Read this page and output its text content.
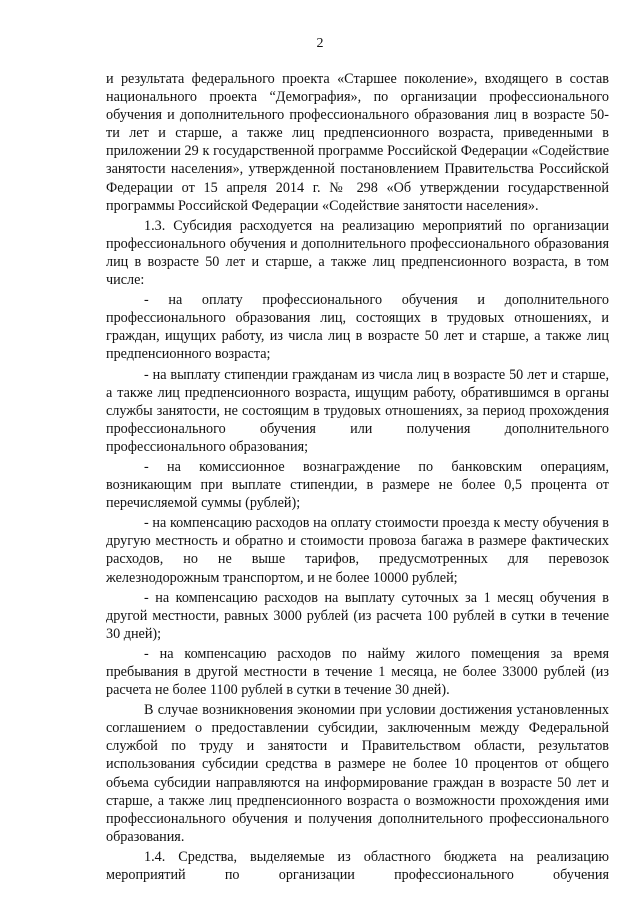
2

и результата федерального проекта «Старшее поколение», входящего в состав национального проекта “Демография», по организации профессионального обучения и дополнительного профессионального образования лиц в возрасте 50-ти лет и старше, а также лиц предпенсионного возраста, приведенными в приложении 29 к государственной программе Российской Федерации «Содействие занятости населения», утвержденной постановлением Правительства Российской Федерации от 15 апреля 2014 г. № 298 «Об утверждении государственной программы Российской Федерации «Содействие занятости населения».

1.3. Субсидия расходуется на реализацию мероприятий по организации профессионального обучения и дополнительного профессионального образования лиц в возрасте 50 лет и старше, а также лиц предпенсионного возраста, в том числе:

- на оплату профессионального обучения и дополнительного профессионального образования лиц, состоящих в трудовых отношениях, и граждан, ищущих работу, из числа лиц в возрасте 50 лет и старше, а также лиц предпенсионного возраста;

- на выплату стипендии гражданам из числа лиц в возрасте 50 лет и старше, а также лиц предпенсионного возраста, ищущим работу, обратившимся в органы службы занятости, не состоящим в трудовых отношениях, за период прохождения профессионального обучения или получения дополнительного профессионального образования;

- на комиссионное вознаграждение по банковским операциям, возникающим при выплате стипендии, в размере не более 0,5 процента от перечисляемой суммы (рублей);

- на компенсацию расходов на оплату стоимости проезда к месту обучения в другую местность и обратно и стоимости провоза багажа в размере фактических расходов, но не выше тарифов, предусмотренных для перевозок железнодорожным транспортом, и не более 10000 рублей;

- на компенсацию расходов на выплату суточных за 1 месяц обучения в другой местности, равных 3000 рублей (из расчета 100 рублей в сутки в течение 30 дней);

- на компенсацию расходов по найму жилого помещения за время пребывания в другой местности в течение 1 месяца, не более 33000 рублей (из расчета не более 1100 рублей в сутки в течение 30 дней).

В случае возникновения экономии при условии достижения установленных соглашением о предоставлении субсидии, заключенным между Федеральной службой по труду и занятости и Правительством области, результатов использования субсидии средства в размере не более 10 процентов от общего объема субсидии направляются на информирование граждан в возрасте 50 лет и старше, а также лиц предпенсионного возраста о возможности прохождения ими профессионального обучения и получения дополнительного профессионального образования.

1.4. Средства, выделяемые из областного бюджета на реализацию мероприятий по организации профессионального обучения
